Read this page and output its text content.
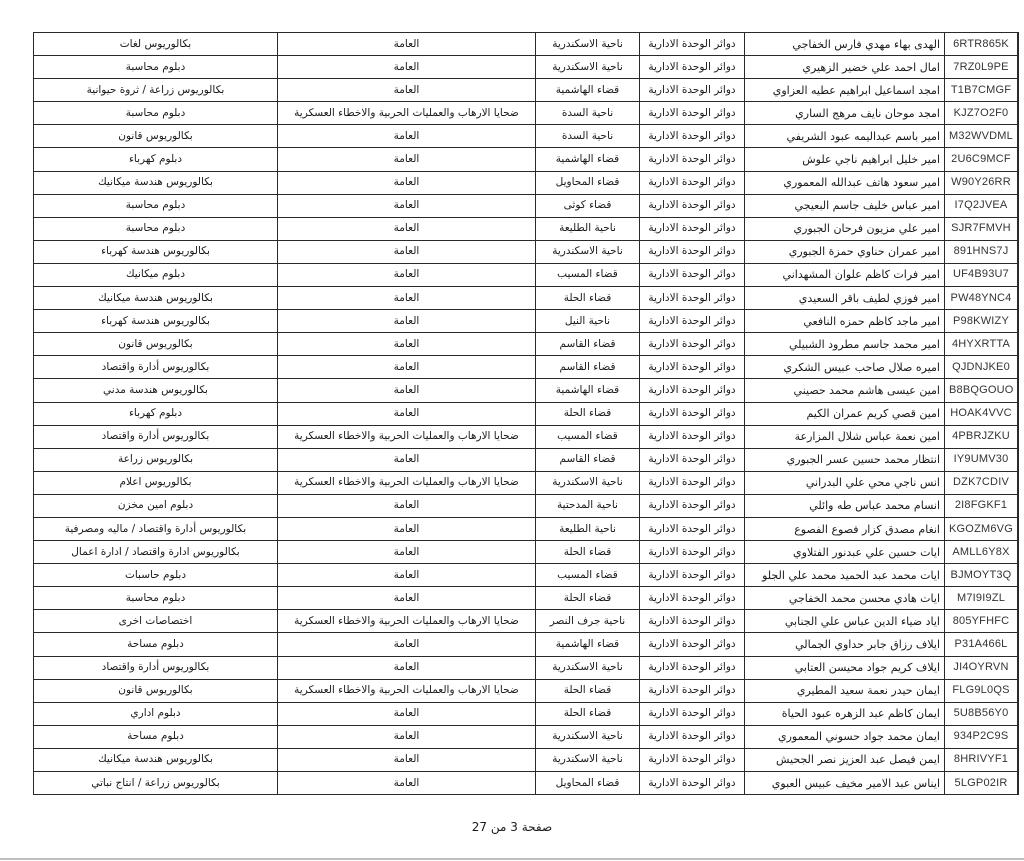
	6RTR865K	الهدى بهاء مهدي فارس الخفاجي	دوائر الوحدة الادارية	ناحية الاسكندرية	العامة	بكالوريوس لغات
	7RZ0L9PE	امال احمد علي خضير الزهيري	دوائر الوحدة الادارية	ناحية الاسكندرية	العامة	دبلوم محاسبة
	T1B7CMGF	امجد اسماعيل ابراهيم عطيه العزاوي	دوائر الوحدة الادارية	قضاء الهاشمية	العامة	بكالوريوس زراعة / ثروة حيوانية
	KJZ7O2F0	امجد موحان نايف مرهج الساري	دوائر الوحدة الادارية	ناحية السدة	ضحايا الارهاب والعمليات الحربية والاخطاء العسكرية	دبلوم محاسبة
	M32WVDML	امير باسم عبدالیمه عبود الشريفي	دوائر الوحدة الادارية	ناحية السدة	العامة	بكالوريوس قانون
	2U6C9MCF	امير خليل ابراهيم ناجي علوش	دوائر الوحدة الادارية	قضاء الهاشمية	العامة	دبلوم كهرباء
	W90Y26RR	امير سعود هاتف عبدالله المعموري	دوائر الوحدة الادارية	قضاء المحاويل	العامة	بكالوريوس هندسة ميكانيك
	I7Q2JVEA	امير عباس خليف جاسم البعيجي	دوائر الوحدة الادارية	قضاء كوثى	العامة	دبلوم محاسبة
	SJR7FMVH	امير علي مزيون فرحان الجبوري	دوائر الوحدة الادارية	ناحية الطليعة	العامة	دبلوم محاسبة
	891HNS7J	امير عمران حناوي حمزة الجبوري	دوائر الوحدة الادارية	ناحية الاسكندرية	العامة	بكالوريوس هندسة كهرباء
	UF4B93U7	امير فرات كاظم علوان المشهداني	دوائر الوحدة الادارية	قضاء المسيب	العامة	دبلوم ميكانيك
	PW48YNC4	امير فوزي لطيف باقر السعيدي	دوائر الوحدة الادارية	قضاء الحلة	العامة	بكالوريوس هندسة ميكانيك
	P98KWIZY	امير ماجد كاظم حمزه النافعي	دوائر الوحدة الادارية	ناحية النيل	العامة	بكالوريوس هندسة كهرباء
	4HYXRTTA	امير محمد جاسم مطرود الشبيلي	دوائر الوحدة الادارية	قضاء القاسم	العامة	بكالوريوس قانون
	QJDNJKE0	اميره صلال صاحب عبيس الشكري	دوائر الوحدة الادارية	قضاء القاسم	العامة	بكالوريوس أدارة واقتصاد
	B8BQGOUO	امين عيسى هاشم محمد حصيني	دوائر الوحدة الادارية	قضاء الهاشمية	العامة	بكالوريوس هندسة مدني
	HOAK4VVC	امين قصي كريم عمران الكيم	دوائر الوحدة الادارية	قضاء الحلة	العامة	دبلوم كهرباء
	4PBRJZKU	امين نعمة عباس شلال المزارعة	دوائر الوحدة الادارية	قضاء المسيب	ضحايا الارهاب والعمليات الحربية والاخطاء العسكرية	بكالوريوس أدارة واقتصاد
	IY9UMV30	انتظار محمد حسين عسر الجبوري	دوائر الوحدة الادارية	قضاء القاسم	العامة	بكالوريوس زراعة
	DZK7CDIV	انس ناجي محي علي البدراني	دوائر الوحدة الادارية	ناحية الاسكندرية	ضحايا الارهاب والعمليات الحربية والاخطاء العسكرية	بكالوريوس اعلام
	2I8FGKF1	انسام محمد عباس طه وائلي	دوائر الوحدة الادارية	ناحية المدحتية	العامة	دبلوم امين مخزن
	KGOZM6VG	انغام مصدق كزار فصوع الفصوع	دوائر الوحدة الادارية	ناحية الطليعة	العامة	بكالوريوس أدارة واقتصاد / ماليه ومصرفية
	AMLL6Y8X	ايات حسين علي عبدنور الفتلاوي	دوائر الوحدة الادارية	قضاء الحلة	العامة	بكالوريوس ادارة واقتصاد / ادارة اعمال
	BJMOYT3Q	ايات محمد عبد الحميد محمد علي الجلو	دوائر الوحدة الادارية	قضاء المسيب	العامة	دبلوم حاسبات
	M7I9I9ZL	ايات هادي محسن محمد الخفاجي	دوائر الوحدة الادارية	قضاء الحلة	العامة	دبلوم محاسبة
	805YFHFC	اياد ضياء الدين عباس علي الجنابي	دوائر الوحدة الادارية	ناحية جرف النصر	ضحايا الارهاب والعمليات الحربية والاخطاء العسكرية	اختصاصات اخرى
	P31A466L	ايلاف رزاق جابر حداوي الجمالي	دوائر الوحدة الادارية	قضاء الهاشمية	العامة	دبلوم مساحة
	JI4OYRVN	ايلاف كريم جواد محيسن العتابي	دوائر الوحدة الادارية	ناحية الاسكندرية	العامة	بكالوريوس أدارة واقتصاد
	FLG9L0QS	ايمان حيدر نعمة سعيد المطيري	دوائر الوحدة الادارية	قضاء الحلة	ضحايا الارهاب والعمليات الحربية والاخطاء العسكرية	بكالوريوس قانون
	5U8B56Y0	ايمان كاظم عبد الزهره عبود الحياة	دوائر الوحدة الادارية	قضاء الحلة	العامة	دبلوم اداري
	934P2C9S	ايمان محمد جواد حسوني المعموري	دوائر الوحدة الادارية	ناحية الاسكندرية	العامة	دبلوم مساحة
	8HRIVYF1	ايمن فيصل عبد العزيز نصر الجحيش	دوائر الوحدة الادارية	ناحية الاسكندرية	العامة	بكالوريوس هندسة ميكانيك
	5LGP02IR	ايناس عبد الامير مخيف عبيس العبوي	دوائر الوحدة الادارية	قضاء المحاويل	العامة	بكالوريوس زراعة / انتاج نباتي
صفحة 3 من 27
